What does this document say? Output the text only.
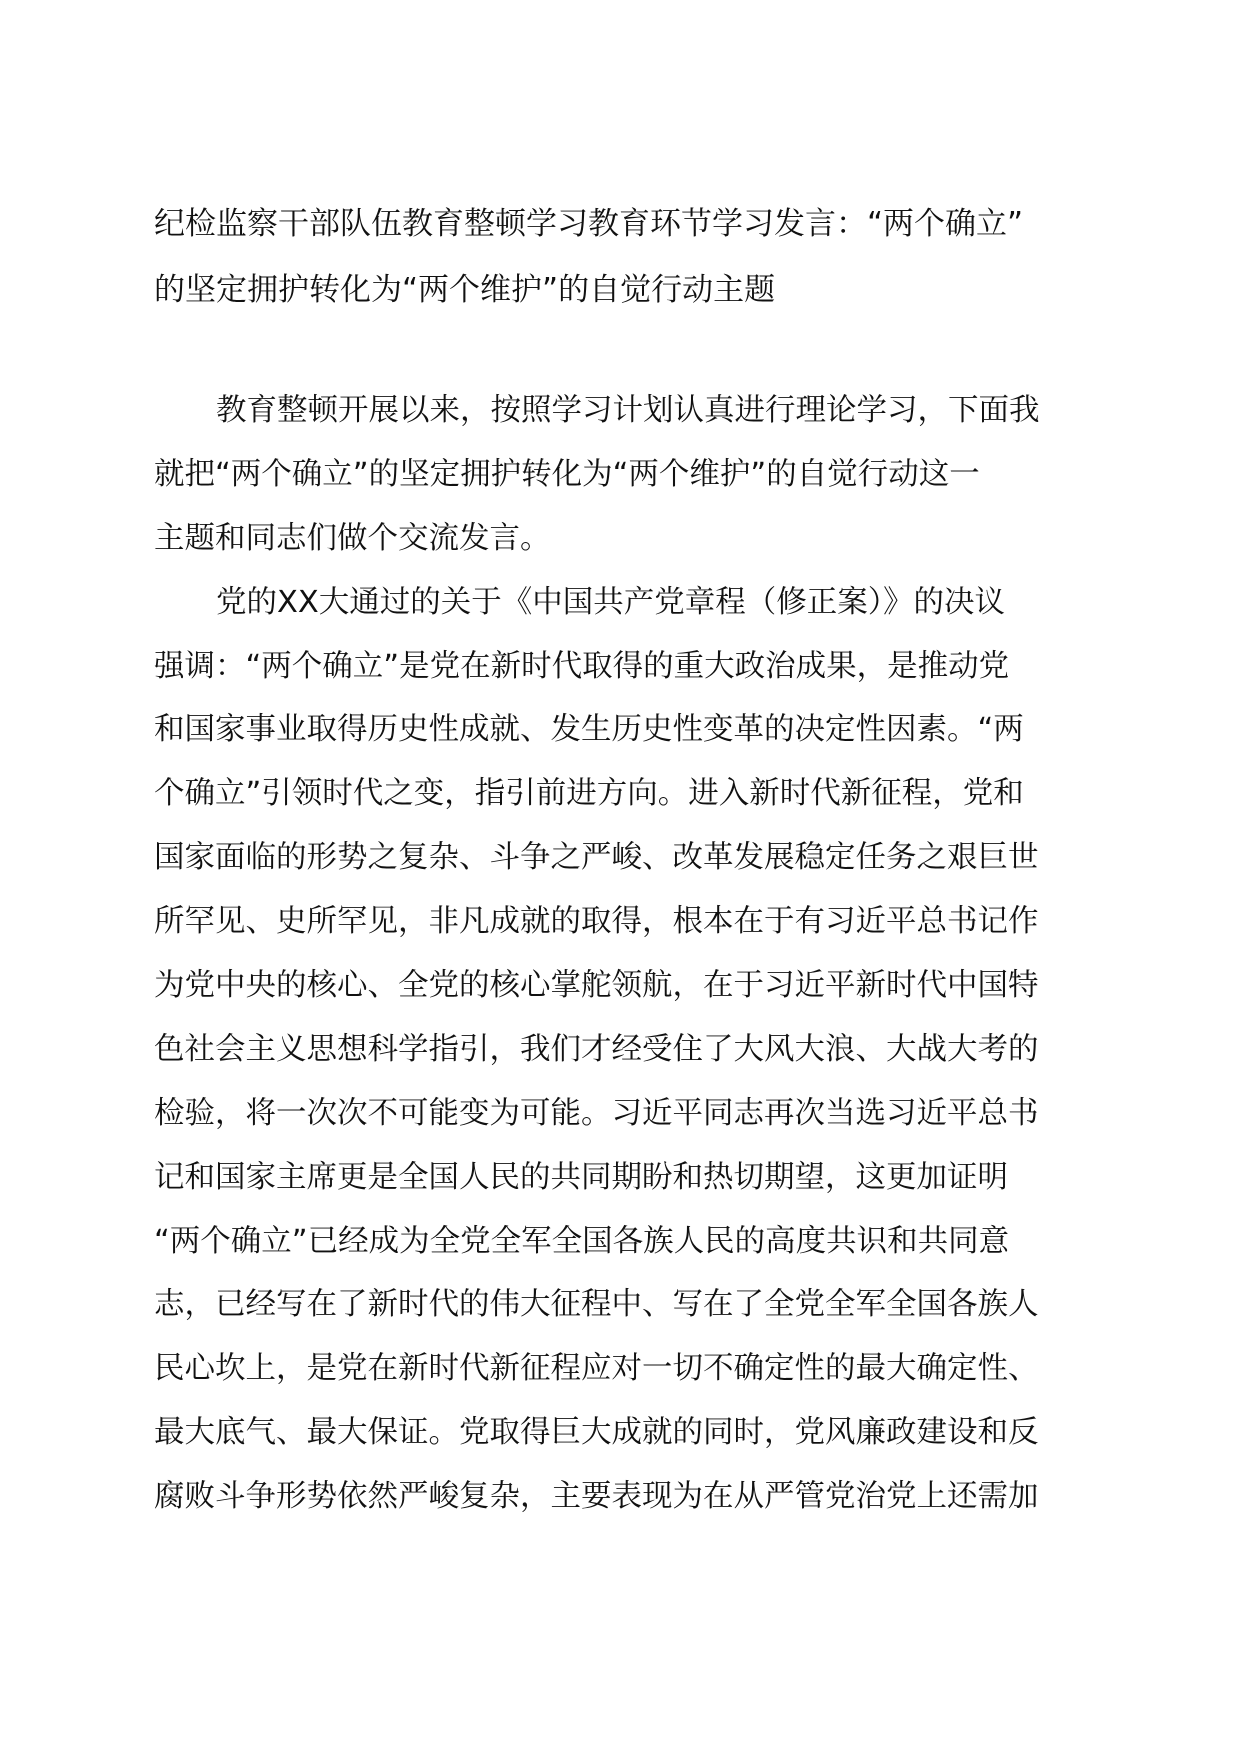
纪检监察干部队伍教育整顿学习教育环节学习发言：“两个确立”
的坚定拥护转化为“两个维护”的自觉行动主题
教育整顿开展以来，按照学习计划认真进行理论学习，下面我
就把“两个确立”的坚定拥护转化为“两个维护”的自觉行动这一
主题和同志们做个交流发言。
党的XX大通过的关于《中国共产党章程（修正案）》的决议
强调：“两个确立”是党在新时代取得的重大政治成果，是推动党
和国家事业取得历史性成就、发生历史性变革的决定性因素。“两
个确立”引领时代之变，指引前进方向。进入新时代新征程，党和
国家面临的形势之复杂、斗争之严峻、改革发展稳定任务之艰巨世
所罕见、史所罕见，非凡成就的取得，根本在于有习近平总书记作
为党中央的核心、全党的核心掌舵领航，在于习近平新时代中国特
色社会主义思想科学指引，我们才经受住了大风大浪、大战大考的
检验，将一次次不可能变为可能。习近平同志再次当选习近平总书
记和国家主席更是全国人民的共同期盼和热切期望，这更加证明
“两个确立”已经成为全党全军全国各族人民的高度共识和共同意
志，已经写在了新时代的伟大征程中、写在了全党全军全国各族人
民心坎上，是党在新时代新征程应对一切不确定性的最大确定性、
最大底气、最大保证。党取得巨大成就的同时，党风廉政建设和反
腐败斗争形势依然严峻复杂，主要表现为在从严管党治党上还需加
